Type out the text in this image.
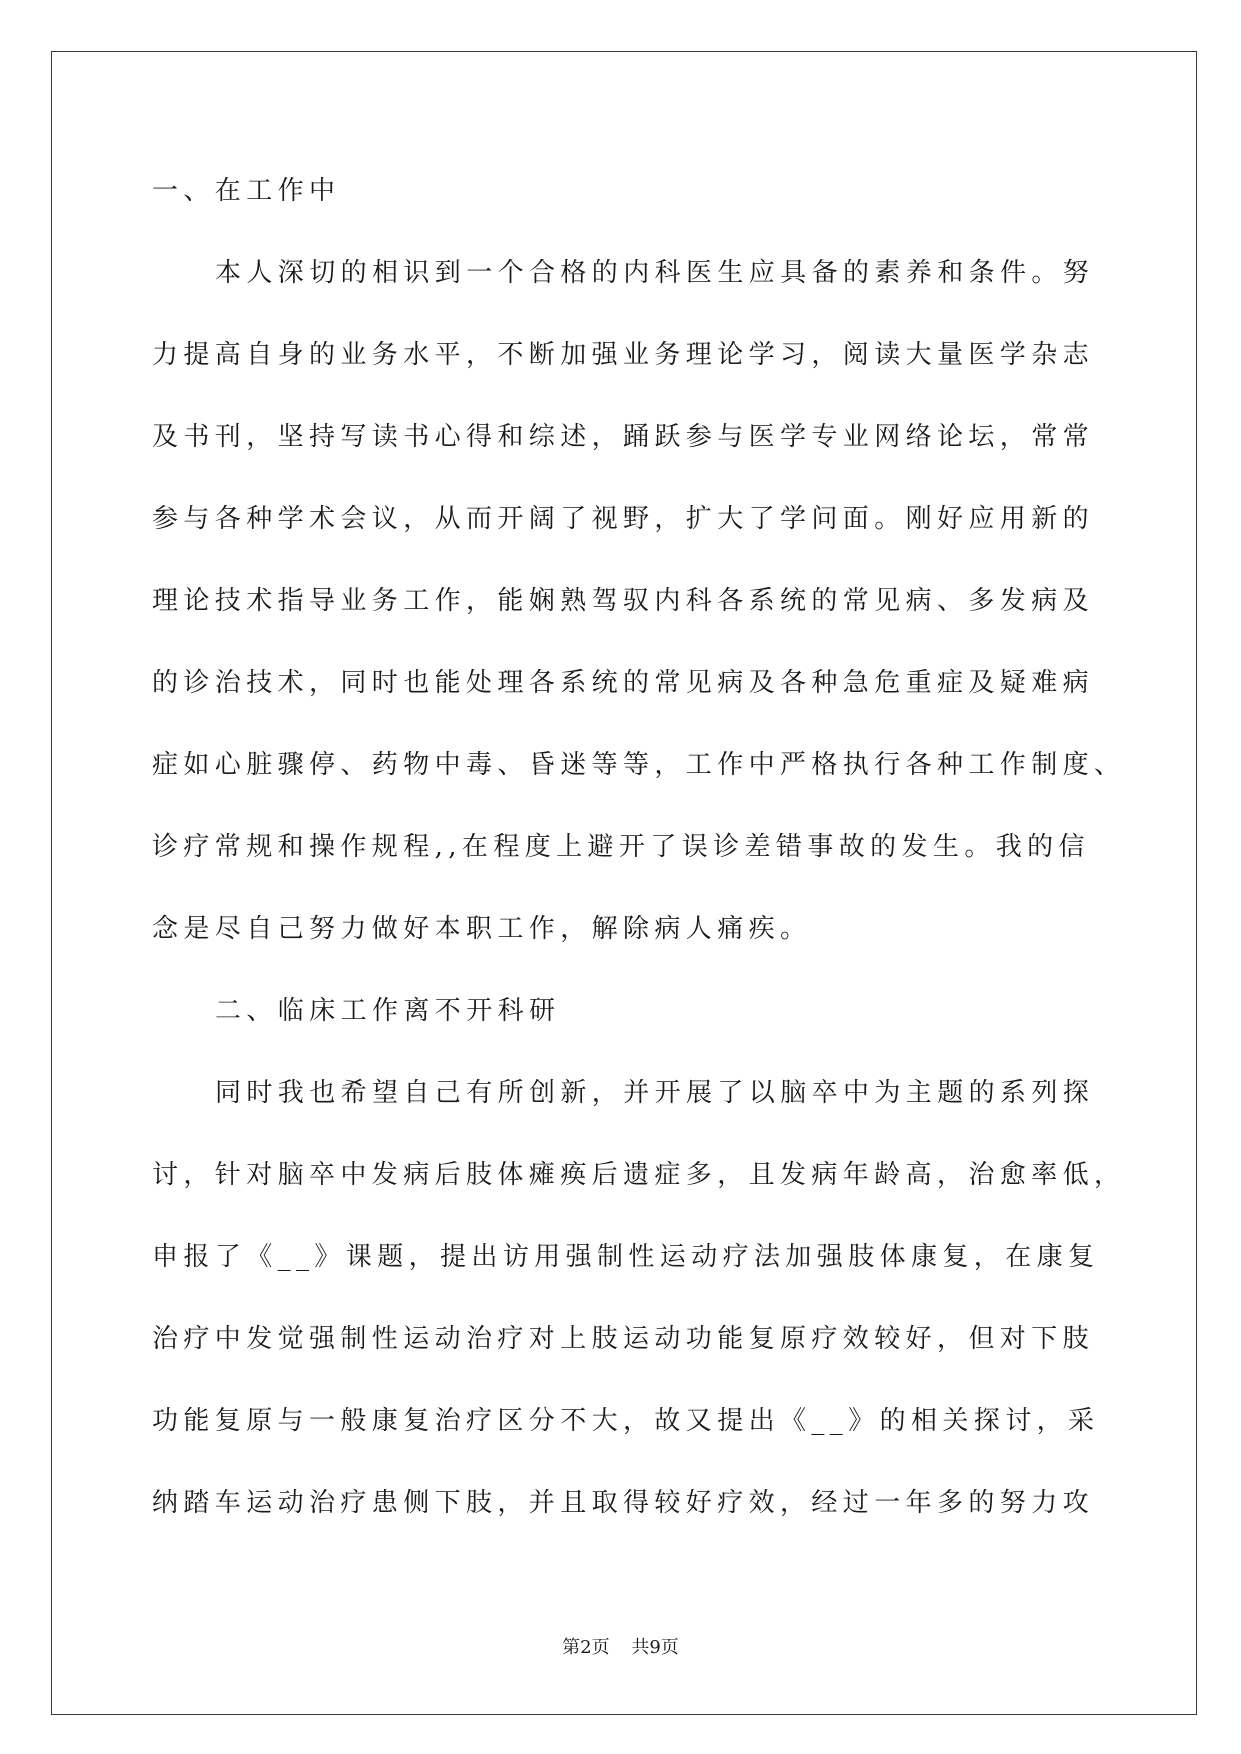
一、在工作中
本人深切的相识到一个合格的内科医生应具备的素养和条件。努
力提高自身的业务水平，不断加强业务理论学习，阅读大量医学杂志
及书刊，坚持写读书心得和综述，踊跃参与医学专业网络论坛，常常
参与各种学术会议，从而开阔了视野，扩大了学问面。刚好应用新的
理论技术指导业务工作，能娴熟驾驭内科各系统的常见病、多发病及
的诊治技术，同时也能处理各系统的常见病及各种急危重症及疑难病
症如心脏骤停、药物中毒、昏迷等等，工作中严格执行各种工作制度、
诊疗常规和操作规程,,在程度上避开了误诊差错事故的发生。我的信
念是尽自己努力做好本职工作，解除病人痛疾。
二、临床工作离不开科研
同时我也希望自己有所创新，并开展了以脑卒中为主题的系列探
讨，针对脑卒中发病后肢体瘫痪后遗症多，且发病年龄高，治愈率低，
申报了《__》课题，提出访用强制性运动疗法加强肢体康复，在康复
治疗中发觉强制性运动治疗对上肢运动功能复原疗效较好，但对下肢
功能复原与一般康复治疗区分不大，故又提出《__》的相关探讨，采
纳踏车运动治疗患侧下肢，并且取得较好疗效，经过一年多的努力攻
第2页 共9页
